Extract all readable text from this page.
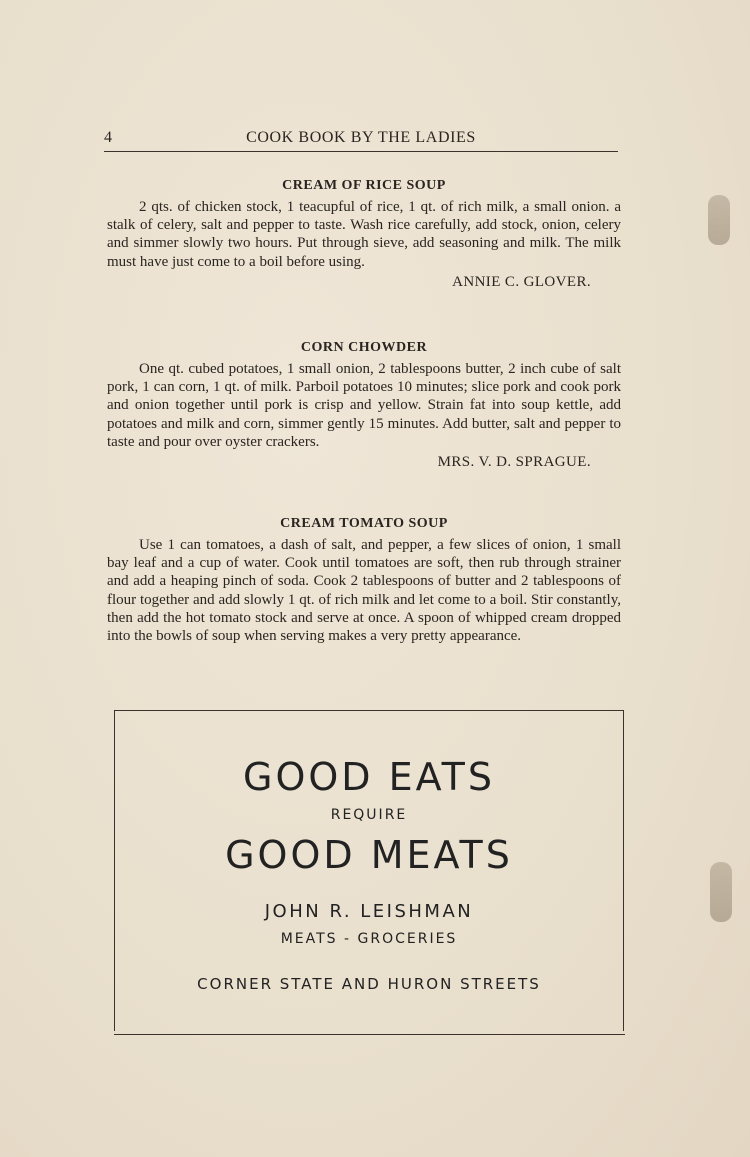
4	COOK BOOK BY THE LADIES
CREAM OF RICE SOUP

2 qts. of chicken stock, 1 teacupful of rice, 1 qt. of rich milk, a small onion. a stalk of celery, salt and pepper to taste. Wash rice carefully, add stock, onion, celery and simmer slowly two hours. Put through sieve, add seasoning and milk. The milk must have just come to a boil before using.

ANNIE C. GLOVER.
CORN CHOWDER

One qt. cubed potatoes, 1 small onion, 2 tablespoons butter, 2 inch cube of salt pork, 1 can corn, 1 qt. of milk. Parboil potatoes 10 minutes; slice pork and cook pork and onion together until pork is crisp and yellow. Strain fat into soup kettle, add potatoes and milk and corn, simmer gently 15 minutes. Add butter, salt and pepper to taste and pour over oyster crackers.

MRS. V. D. SPRAGUE.
CREAM TOMATO SOUP

Use 1 can tomatoes, a dash of salt, and pepper, a few slices of onion, 1 small bay leaf and a cup of water. Cook until tomatoes are soft, then rub through strainer and add a heaping pinch of soda. Cook 2 tablespoons of butter and 2 tablespoons of flour together and add slowly 1 qt. of rich milk and let come to a boil. Stir constantly, then add the hot tomato stock and serve at once. A spoon of whipped cream dropped into the bowls of soup when serving makes a very pretty appearance.

GOOD EATS
REQUIRE
GOOD MEATS
JOHN R. LEISHMAN
MEATS - GROCERIES
CORNER STATE AND HURON STREETS
